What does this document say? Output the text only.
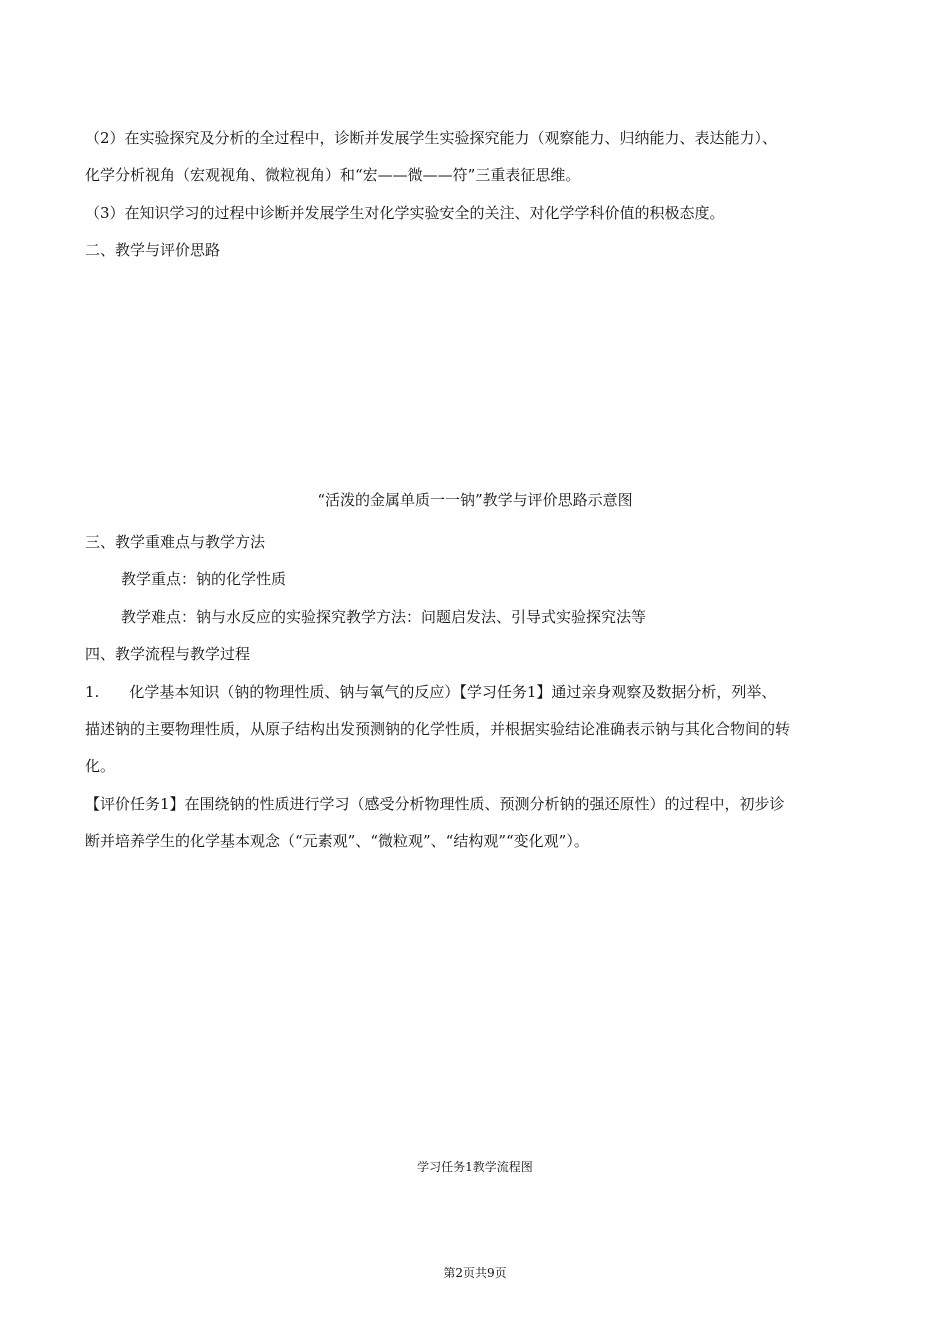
（2）在实验探究及分析的全过程中，诊断并发展学生实验探究能力（观察能力、归纳能力、表达能力）、
化学分析视角（宏观视角、微粒视角）和“宏——微——符”三重表征思维。
（3）在知识学习的过程中诊断并发展学生对化学实验安全的关注、对化学学科价值的积极态度。
二、教学与评价思路
“活泼的金属单质一一钠”教学与评价思路示意图
三、教学重难点与教学方法
教学重点：钠的化学性质
教学难点：钠与水反应的实验探究教学方法：问题启发法、引导式实验探究法等
四、教学流程与教学过程
1. 化学基本知识（钠的物理性质、钠与氧气的反应）【学习任务1】通过亲身观察及数据分析，列举、
描述钠的主要物理性质，从原子结构出发预测钠的化学性质，并根据实验结论准确表示钠与其化合物间的转
化。
【评价任务1】在围绕钠的性质进行学习（感受分析物理性质、预测分析钠的强还原性）的过程中，初步诊
断并培养学生的化学基本观念（“元素观”、“微粒观”、“结构观”“变化观”）。
学习任务1教学流程图
第2页共9页
